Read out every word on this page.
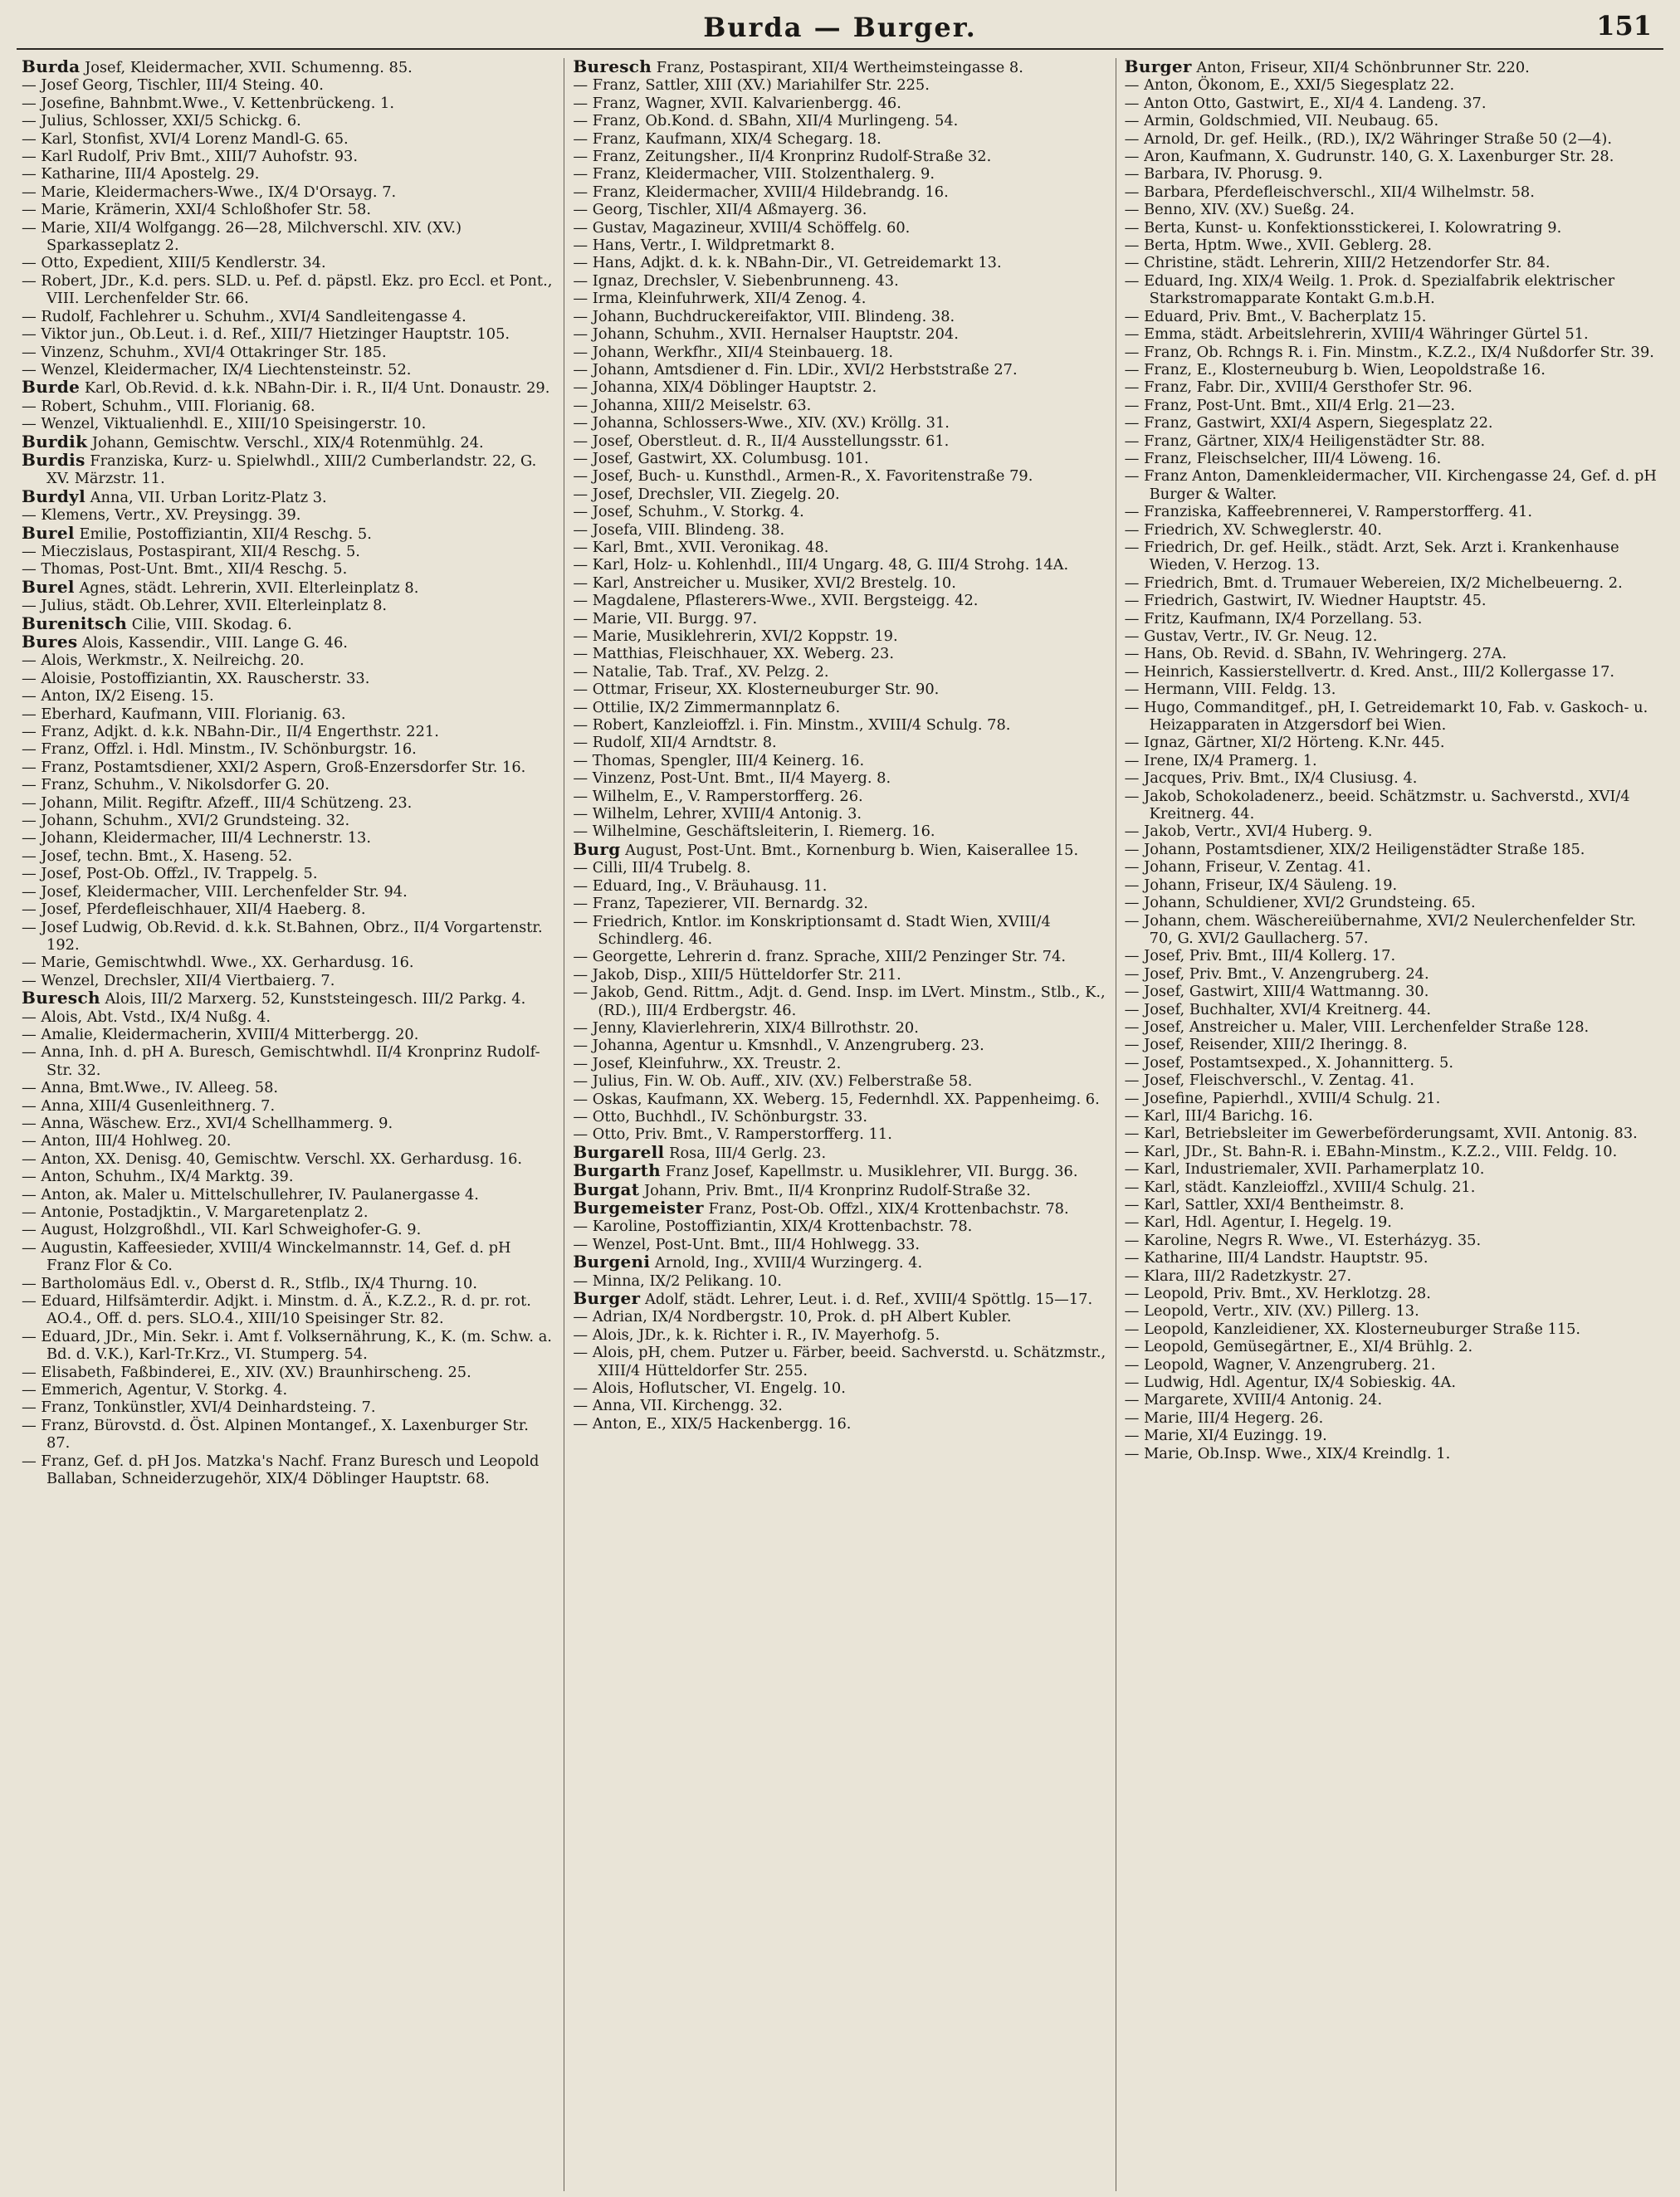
Burda — Burger.	151
Burda Josef, Kleidermacher, XVII. Schumenng. 85.
— Josef Georg, Tischler, III/4 Steing. 40.
— Josefine, Bahnbmt.Wwe., V. Kettenbrückeng. 1.
— Julius, Schlosser, XXI/5 Schickg. 6.
— Karl, Stonfist, XVI/4 Lorenz Mandl-G. 65.
— Karl Rudolf, Priv Bmt., XIII/7 Auhofstr. 93.
— Katharine, III/4 Apostelg. 29.
— Marie, Kleidermachers-Wwe., IX/4 D'Orsayg. 7.
— Marie, Krämerin, XXI/4 Schloßhofer Str. 58.
— Marie, XII/4 Wolfgangg. 26—28, Milchverschl. XIV. (XV.) Sparkasseplatz 2.
— Otto, Expedient, XIII/5 Kendlerstr. 34.
— Robert, JDr., K.d. pers. SLD. u. Pef. d. päpstl. Ekz. pro Eccl. et Pont., VIII. Lerchenfelder Str. 66.
— Rudolf, Fachlehrer u. Schuhm., XVI/4 Sandleitengasse 4.
— Viktor jun., Ob.Leut. i. d. Ref., XIII/7 Hietzinger Hauptstr. 105.
— Vinzenz, Schuhm., XVI/4 Ottakringer Str. 185.
— Wenzel, Kleidermacher, IX/4 Liechtensteinstr. 52.
Burde Karl, Ob.Revid. d. k.k. NBahn-Dir. i. R., II/4 Unt. Donaustr. 29.
— Robert, Schuhm., VIII. Florianig. 68.
— Wenzel, Viktualienhdl. E., XIII/10 Speisingerstr. 10.
Burdik Johann, Gemischtw. Verschl., XIX/4 Rotenmühlg. 24.
Burdis Franziska, Kurz- u. Spielwhdl., XIII/2 Cumberlandstr. 22, G. XV. Märzstr. 11.
Burdyl Anna, VII. Urban Loritz-Platz 3.
— Klemens, Vertr., XV. Preysingg. 39.
Burel Emilie, Postoffiziantin, XII/4 Reschg. 5.
— Mieczislaus, Postaspirant, XII/4 Reschg. 5.
— Thomas, Post-Unt. Bmt., XII/4 Reschg. 5.
Burel Agnes, städt. Lehrerin, XVII. Elterleinplatz 8.
— Julius, städt. Ob.Lehrer, XVII. Elterleinplatz 8.
Burenitsch Cilie, VIII. Skodag. 6.
Bures Alois, Kassendir., VIII. Lange G. 46.
— Alois, Werkmstr., X. Neilreichg. 20.
— Aloisie, Postoffiziantin, XX. Rauscherstr. 33.
— Anton, IX/2 Eiseng. 15.
— Eberhard, Kaufmann, VIII. Florianig. 63.
— Franz, Adjkt. d. k.k. NBahn-Dir., II/4 Engerthstr. 221.
— Franz, Offzl. i. Hdl. Minstm., IV. Schönburgstr. 16.
— Franz, Postamtsdiener, XXI/2 Aspern, Groß-Enzersdorfer Str. 16.
— Franz, Schuhm., V. Nikolsdorfer G. 20.
— Johann, Milit. Regiftr. Afzeff., III/4 Schützeng. 23.
— Johann, Schuhm., XVI/2 Grundsteing. 32.
— Johann, Kleidermacher, III/4 Lechnerstr. 13.
— Josef, techn. Bmt., X. Haseng. 52.
— Josef, Post-Ob. Offzl., IV. Trappelg. 5.
— Josef, Kleidermacher, VIII. Lerchenfelder Str. 94.
— Josef, Pferdefleischhauer, XII/4 Haeberg. 8.
— Josef Ludwig, Ob.Revid. d. k.k. St.Bahnen, Obrz., II/4 Vorgartenstr. 192.
— Marie, Gemischtwhdl. Wwe., XX. Gerhardusg. 16.
— Wenzel, Drechsler, XII/4 Viertbaierg. 7.
Buresch Alois, III/2 Marxerg. 52, Kunststeingesch. III/2 Parkg. 4.
— Alois, Abt. Vstd., IX/4 Nußg. 4.
— Amalie, Kleidermacherin, XVIII/4 Mitterbergg. 20.
— Anna, Inh. d. pH A. Buresch, Gemischtwhdl. II/4 Kronprinz Rudolf-Str. 32.
— Anna, Bmt.Wwe., IV. Alleeg. 58.
— Anna, XIII/4 Gusenleithnerg. 7.
— Anna, Wäschew. Erz., XVI/4 Schellhammerg. 9.
— Anton, III/4 Hohlweg. 20.
— Anton, XX. Denisg. 40, Gemischtw. Verschl. XX. Gerhardusg. 16.
— Anton, Schuhm., IX/4 Marktg. 39.
— Anton, ak. Maler u. Mittelschullehrer, IV. Paulanergasse 4.
— Antonie, Postadjktin., V. Margaretenplatz 2.
— August, Holzgroßhdl., VII. Karl Schweighofer-G. 9.
— Augustin, Kaffeesieder, XVIII/4 Winckelmannstr. 14, Gef. d. pH Franz Flor & Co.
— Bartholomäus Edl. v., Oberst d. R., Stflb., IX/4 Thurng. 10.
— Eduard, Hilfsämterdir. Adjkt. i. Minstm. d. Ä., K.Z.2., R. d. pr. rot. AO.4., Off. d. pers. SLO.4., XIII/10 Speisinger Str. 82.
— Eduard, JDr., Min. Sekr. i. Amt f. Volksernährung, K., K. (m. Schw. a. Bd. d. V.K.), Karl-Tr.Krz., VI. Stumperg. 54.
— Elisabeth, Faßbinderei, E., XIV. (XV.) Braunhirscheng. 25.
— Emmerich, Agentur, V. Storkg. 4.
— Franz, Tonkünstler, XVI/4 Deinhardsteing. 7.
— Franz, Bürovstd. d. Öst. Alpinen Montangef., X. Laxenburger Str. 87.
— Franz, Gef. d. pH Jos. Matzka's Nachf. Franz Buresch und Leopold Ballaban, Schneiderzugehör, XIX/4 Döblinger Hauptstr. 68.
Buresch Franz, Postaspirant, XII/4 Wertheimsteingasse 8.
— Franz, Sattler, XIII (XV.) Mariahilfer Str. 225.
— Franz, Wagner, XVII. Kalvarienbergg. 46.
— Franz, Ob.Kond. d. SBahn, XII/4 Murlingeng. 54.
— Franz, Kaufmann, XIX/4 Schegarg. 18.
— Franz, Zeitungsher., II/4 Kronprinz Rudolf-Straße 32.
— Franz, Kleidermacher, VIII. Stolzenthalerg. 9.
— Franz, Kleidermacher, XVIII/4 Hildebrandg. 16.
— Georg, Tischler, XII/4 Aßmayerg. 36.
— Gustav, Magazineur, XVIII/4 Schöffelg. 60.
— Hans, Vertr., I. Wildpretmarkt 8.
— Hans, Adjkt. d. k. k. NBahn-Dir., VI. Getreidemarkt 13.
— Ignaz, Drechsler, V. Siebenbrunneng. 43.
— Irma, Kleinfuhrwerk, XII/4 Zenog. 4.
— Johann, Buchdruckereifaktor, VIII. Blindeng. 38.
— Johann, Schuhm., XVII. Hernalser Hauptstr. 204.
— Johann, Werkfhr., XII/4 Steinbauerg. 18.
— Johann, Amtsdiener d. Fin. LDir., XVI/2 Herbststraße 27.
— Johanna, XIX/4 Döblinger Hauptstr. 2.
— Johanna, XIII/2 Meiselstr. 63.
— Johanna, Schlossers-Wwe., XIV. (XV.) Kröllg. 31.
— Josef, Oberstleut. d. R., II/4 Ausstellungsstr. 61.
— Josef, Gastwirt, XX. Columbusg. 101.
— Josef, Buch- u. Kunsthdl., Armen-R., X. Favoritenstraße 79.
— Josef, Drechsler, VII. Ziegelg. 20.
— Josef, Schuhm., V. Storkg. 4.
— Josefa, VIII. Blindeng. 38.
— Karl, Bmt., XVII. Veronikag. 48.
— Karl, Holz- u. Kohlenhdl., III/4 Ungarg. 48, G. III/4 Strohg. 14A.
— Karl, Anstreicher u. Musiker, XVI/2 Brestelg. 10.
— Magdalene, Pflasterers-Wwe., XVII. Bergsteigg. 42.
— Marie, VII. Burgg. 97.
— Marie, Musiklehrerin, XVI/2 Koppstr. 19.
— Matthias, Fleischhauer, XX. Weberg. 23.
— Natalie, Tab. Traf., XV. Pelzg. 2.
— Ottmar, Friseur, XX. Klosterneuburger Str. 90.
— Ottilie, IX/2 Zimmermannplatz 6.
— Robert, Kanzleioffzl. i. Fin. Minstm., XVIII/4 Schulg. 78.
— Rudolf, XII/4 Arndtstr. 8.
— Thomas, Spengler, III/4 Keinerg. 16.
— Vinzenz, Post-Unt. Bmt., II/4 Mayerg. 8.
— Wilhelm, E., V. Ramperstorfferg. 26.
— Wilhelm, Lehrer, XVIII/4 Antonig. 3.
— Wilhelmine, Geschäftsleiterin, I. Riemerg. 16.
Burg August, Post-Unt. Bmt., Kornenburg b. Wien, Kaiserallee 15.
— Cilli, III/4 Trubelg. 8.
— Eduard, Ing., V. Bräuhausg. 11.
— Franz, Tapezierer, VII. Bernardg. 32.
— Friedrich, Kntlor. im Konskriptionsamt d. Stadt Wien, XVIII/4 Schindlerg. 46.
— Georgette, Lehrerin d. franz. Sprache, XIII/2 Penzinger Str. 74.
— Jakob, Disp., XIII/5 Hütteldorfer Str. 211.
— Jakob, Gend. Rittm., Adjt. d. Gend. Insp. im LVert. Minstm., Stlb., K., (RD.), III/4 Erdbergstr. 46.
— Jenny, Klavierlehrerin, XIX/4 Billrothstr. 20.
— Johanna, Agentur u. Kmsnhdl., V. Anzengruberg. 23.
— Josef, Kleinfuhrw., XX. Treustr. 2.
— Julius, Fin. W. Ob. Auff., XIV. (XV.) Felberstraße 58.
— Oskas, Kaufmann, XX. Weberg. 15, Federnhdl. XX. Pappenheimg. 6.
— Otto, Buchhdl., IV. Schönburgstr. 33.
— Otto, Priv. Bmt., V. Ramperstorfferg. 11.
Burgarell Rosa, III/4 Gerlg. 23.
Burgarth Franz Josef, Kapellmstr. u. Musiklehrer, VII. Burgg. 36.
Burgat Johann, Priv. Bmt., II/4 Kronprinz Rudolf-Straße 32.
Burgemeister Franz, Post-Ob. Offzl., XIX/4 Krottenbachstr. 78.
— Karoline, Postoffiziantin, XIX/4 Krottenbachstr. 78.
— Wenzel, Post-Unt. Bmt., III/4 Hohlwegg. 33.
Burgeni Arnold, Ing., XVIII/4 Wurzingerg. 4.
— Minna, IX/2 Pelikang. 10.
Burger Adolf, städt. Lehrer, Leut. i. d. Ref., XVIII/4 Spöttlg. 15—17.
— Adrian, IX/4 Nordbergstr. 10, Prok. d. pH Albert Kubler.
— Alois, JDr., k. k. Richter i. R., IV. Mayerhofg. 5.
— Alois, pH, chem. Putzer u. Färber, beeid. Sachverstd. u. Schätzmstr., XIII/4 Hütteldorfer Str. 255.
— Alois, Hoflutscher, VI. Engelg. 10.
— Anna, VII. Kirchengg. 32.
— Anton, E., XIX/5 Hackenbergg. 16.
Burger Anton, Friseur, XII/4 Schönbrunner Str. 220.
— Anton, Ökonom, E., XXI/5 Siegesplatz 22.
— Anton Otto, Gastwirt, E., XI/4 4. Landeng. 37.
— Armin, Goldschmied, VII. Neubaug. 65.
— Arnold, Dr. gef. Heilk., (RD.), IX/2 Währinger Straße 50 (2—4).
— Aron, Kaufmann, X. Gudrunstr. 140, G. X. Laxenburger Str. 28.
— Barbara, IV. Phorusg. 9.
— Barbara, Pferdefleischverschl., XII/4 Wilhelmstr. 58.
— Benno, XIV. (XV.) Sueßg. 24.
— Berta, Kunst- u. Konfektionsstickerei, I. Kolowratring 9.
— Berta, Hptm. Wwe., XVII. Geblerg. 28.
— Christine, städt. Lehrerin, XIII/2 Hetzendorfer Str. 84.
— Eduard, Ing. XIX/4 Weilg. 1. Prok. d. Spezialfabrik elektrischer Starkstromapparate Kontakt G.m.b.H.
— Eduard, Priv. Bmt., V. Bacherplatz 15.
— Emma, städt. Arbeitslehrerin, XVIII/4 Währinger Gürtel 51.
— Franz, Ob. Rchngs R. i. Fin. Minstm., K.Z.2., IX/4 Nußdorfer Str. 39.
— Franz, E., Klosterneuburg b. Wien, Leopoldstraße 16.
— Franz, Fabr. Dir., XVIII/4 Gersthofer Str. 96.
— Franz, Post-Unt. Bmt., XII/4 Erlg. 21—23.
— Franz, Gastwirt, XXI/4 Aspern, Siegesplatz 22.
— Franz, Gärtner, XIX/4 Heiligenstädter Str. 88.
— Franz, Fleischselcher, III/4 Löweng. 16.
— Franz Anton, Damenkleidermacher, VII. Kirchengasse 24, Gef. d. pH Burger & Walter.
— Franziska, Kaffeebrennerei, V. Ramperstorfferg. 41.
— Friedrich, XV. Schweglerstr. 40.
— Friedrich, Dr. gef. Heilk., städt. Arzt, Sek. Arzt i. Krankenhause Wieden, V. Herzog. 13.
— Friedrich, Bmt. d. Trumauer Webereien, IX/2 Michelbeuerng. 2.
— Friedrich, Gastwirt, IV. Wiedner Hauptstr. 45.
— Fritz, Kaufmann, IX/4 Porzellang. 53.
— Gustav, Vertr., IV. Gr. Neug. 12.
— Hans, Ob. Revid. d. SBahn, IV. Wehringerg. 27A.
— Heinrich, Kassierstellvertr. d. Kred. Anst., III/2 Kollergasse 17.
— Hermann, VIII. Feldg. 13.
— Hugo, Commanditgef., pH, I. Getreidemarkt 10, Fab. v. Gaskoch- u. Heizapparaten in Atzgersdorf bei Wien.
— Ignaz, Gärtner, XI/2 Hörteng. K.Nr. 445.
— Irene, IX/4 Pramerg. 1.
— Jacques, Priv. Bmt., IX/4 Clusiusg. 4.
— Jakob, Schokoladenerz., beeid. Schätzmstr. u. Sachverstd., XVI/4 Kreitnerg. 44.
— Jakob, Vertr., XVI/4 Huberg. 9.
— Johann, Postamtsdiener, XIX/2 Heiligenstädter Straße 185.
— Johann, Friseur, V. Zentag. 41.
— Johann, Friseur, IX/4 Säuleng. 19.
— Johann, Schuldiener, XVI/2 Grundsteing. 65.
— Johann, chem. Wäschereiübernahme, XVI/2 Neulerchenfelder Str. 70, G. XVI/2 Gaullacherg. 57.
— Josef, Priv. Bmt., III/4 Kollerg. 17.
— Josef, Priv. Bmt., V. Anzengruberg. 24.
— Josef, Gastwirt, XIII/4 Wattmanng. 30.
— Josef, Buchhalter, XVI/4 Kreitnerg. 44.
— Josef, Anstreicher u. Maler, VIII. Lerchenfelder Straße 128.
— Josef, Reisender, XIII/2 Iheringg. 8.
— Josef, Postamtsexped., X. Johannitterg. 5.
— Josef, Fleischverschl., V. Zentag. 41.
— Josefine, Papierhdl., XVIII/4 Schulg. 21.
— Karl, III/4 Barichg. 16.
— Karl, Betriebsleiter im Gewerbeförderungsamt, XVII. Antonig. 83.
— Karl, JDr., St. Bahn-R. i. EBahn-Minstm., K.Z.2., VIII. Feldg. 10.
— Karl, Industriemaler, XVII. Parhamerplatz 10.
— Karl, städt. Kanzleioffzl., XVIII/4 Schulg. 21.
— Karl, Sattler, XXI/4 Bentheimstr. 8.
— Karl, Hdl. Agentur, I. Hegelg. 19.
— Karoline, Negrs R. Wwe., VI. Esterházyg. 35.
— Katharine, III/4 Landstr. Hauptstr. 95.
— Klara, III/2 Radetzkystr. 27.
— Leopold, Priv. Bmt., XV. Herklotzg. 28.
— Leopold, Vertr., XIV. (XV.) Pillerg. 13.
— Leopold, Kanzleidiener, XX. Klosterneuburger Straße 115.
— Leopold, Gemüsegärtner, E., XI/4 Brühlg. 2.
— Leopold, Wagner, V. Anzengruberg. 21.
— Ludwig, Hdl. Agentur, IX/4 Sobieskig. 4A.
— Margarete, XVIII/4 Antonig. 24.
— Marie, III/4 Hegerg. 26.
— Marie, XI/4 Euzingg. 19.
— Marie, Ob.Insp. Wwe., XIX/4 Kreindlg. 1.
